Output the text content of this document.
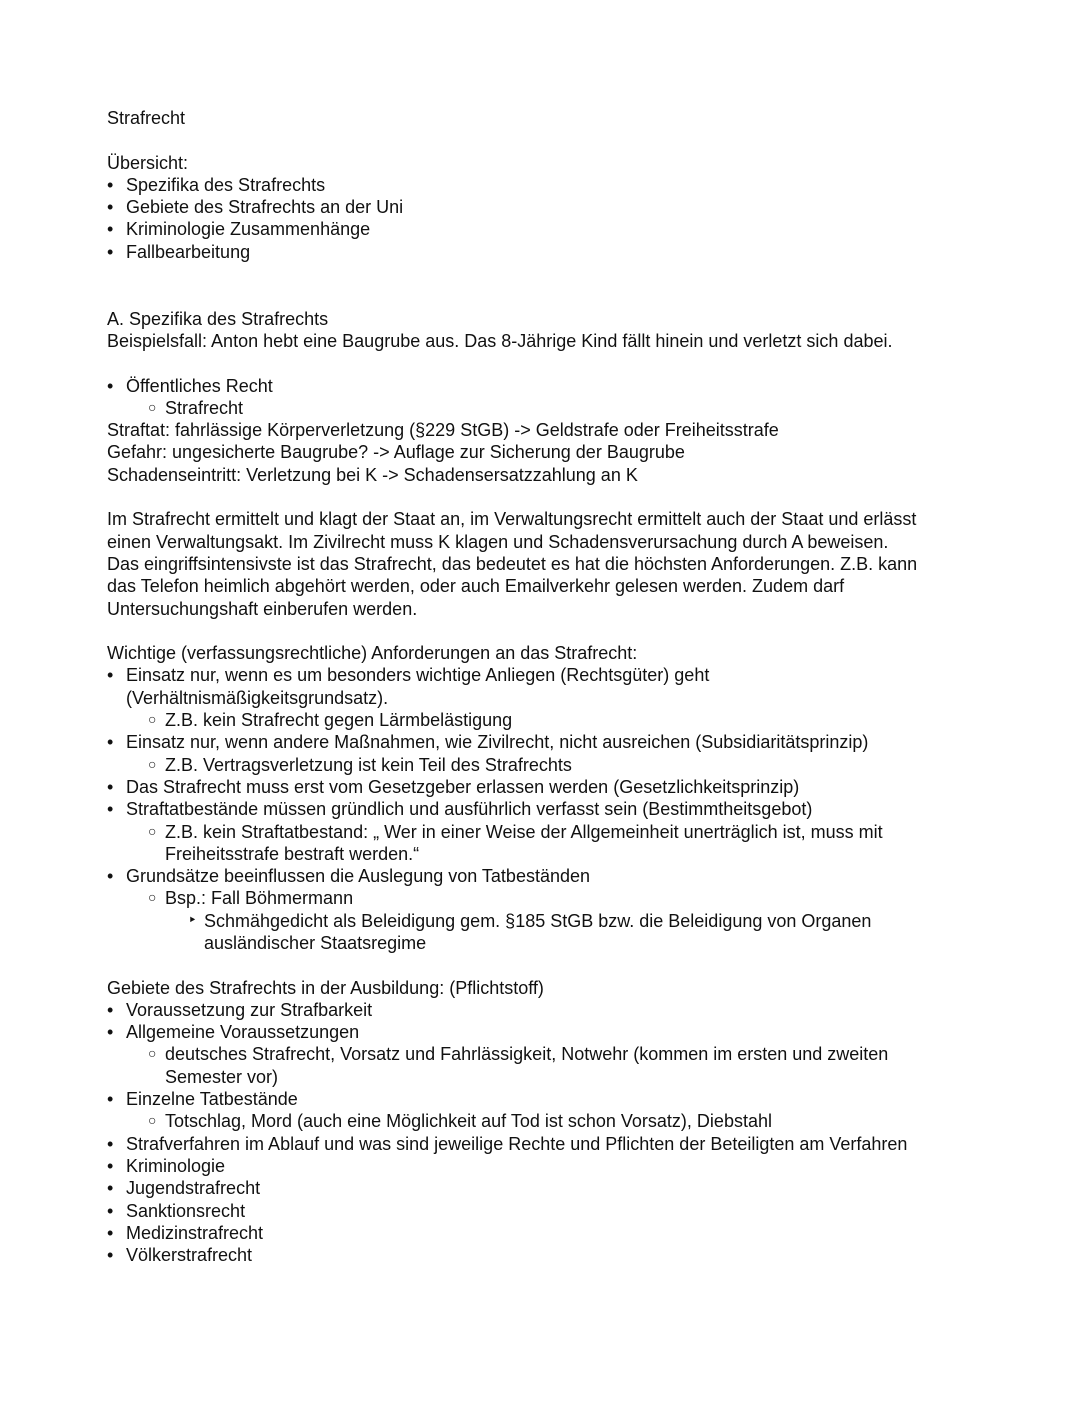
Strafrecht
Übersicht:
• Spezifika des Strafrechts
• Gebiete des Strafrechts an der Uni
• Kriminologie Zusammenhänge
• Fallbearbeitung
A. Spezifika des Strafrechts
Beispielsfall: Anton hebt eine Baugrube aus. Das 8-Jährige Kind fällt hinein und verletzt sich dabei.
• Öffentliches Recht
○ Strafrecht
Straftat: fahrlässige Körperverletzung (§229 StGB) -> Geldstrafe oder Freiheitsstrafe
Gefahr: ungesicherte Baugrube? -> Auflage zur Sicherung der Baugrube
Schadenseintritt: Verletzung bei K -> Schadensersatzzahlung an K
Im Strafrecht ermittelt und klagt der Staat an, im Verwaltungsrecht ermittelt auch der Staat und erlässt
einen Verwaltungsakt. Im Zivilrecht muss K klagen und Schadensverursachung durch A beweisen.
Das eingriffsintensivste ist das Strafrecht, das bedeutet es hat die höchsten Anforderungen. Z.B. kann
das Telefon heimlich abgehört werden, oder auch Emailverkehr gelesen werden. Zudem darf
Untersuchungshaft einberufen werden.
Wichtige (verfassungsrechtliche) Anforderungen an das Strafrecht:
• Einsatz nur, wenn es um besonders wichtige Anliegen (Rechtsgüter) geht
(Verhältnismäßigkeitsgrundsatz).
○ Z.B. kein Strafrecht gegen Lärmbelästigung
• Einsatz nur, wenn andere Maßnahmen, wie Zivilrecht, nicht ausreichen (Subsidiaritätsprinzip)
○ Z.B. Vertragsverletzung ist kein Teil des Strafrechts
• Das Strafrecht muss erst vom Gesetzgeber erlassen werden (Gesetzlichkeitsprinzip)
• Straftatbestände müssen gründlich und ausführlich verfasst sein (Bestimmtheitsgebot)
○ Z.B. kein Straftatbestand: „ Wer in einer Weise der Allgemeinheit unerträglich ist, muss mit
Freiheitsstrafe bestraft werden.“
• Grundsätze beeinflussen die Auslegung von Tatbeständen
○ Bsp.: Fall Böhmermann
‣ Schmähgedicht als Beleidigung gem. §185 StGB bzw. die Beleidigung von Organen
ausländischer Staatsregime
Gebiete des Strafrechts in der Ausbildung: (Pflichtstoff)
• Voraussetzung zur Strafbarkeit
• Allgemeine Voraussetzungen
○ deutsches Strafrecht, Vorsatz und Fahrlässigkeit, Notwehr (kommen im ersten und zweiten
Semester vor)
• Einzelne Tatbestände
○ Totschlag, Mord (auch eine Möglichkeit auf Tod ist schon Vorsatz), Diebstahl
• Strafverfahren im Ablauf und was sind jeweilige Rechte und Pflichten der Beteiligten am Verfahren
• Kriminologie
• Jugendstrafrecht
• Sanktionsrecht
• Medizinstrafrecht
• Völkerstrafrecht
